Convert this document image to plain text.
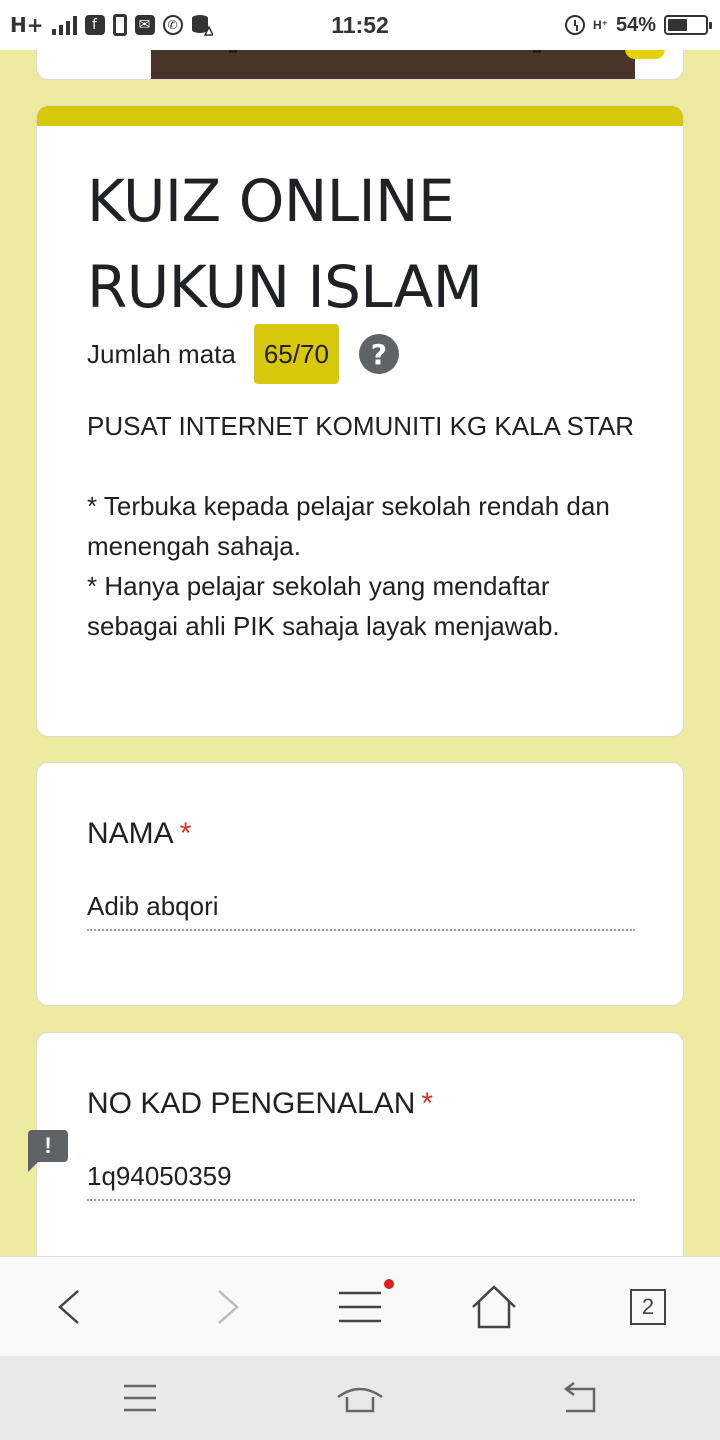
H+	f	✉	✆	11:52	H⁺ 54%
KUIZ ONLINE RUKUN ISLAM
Jumlah mata	65/70	?

PUSAT INTERNET KOMUNITI KG KALA STAR

* Terbuka kepada pelajar sekolah rendah dan menengah sahaja.
* Hanya pelajar sekolah yang mendaftar sebagai ahli PIK sahaja layak menjawab.

NAMA *
Adib abqori
NO KAD PENGENALAN *
1q94050359
!
2
